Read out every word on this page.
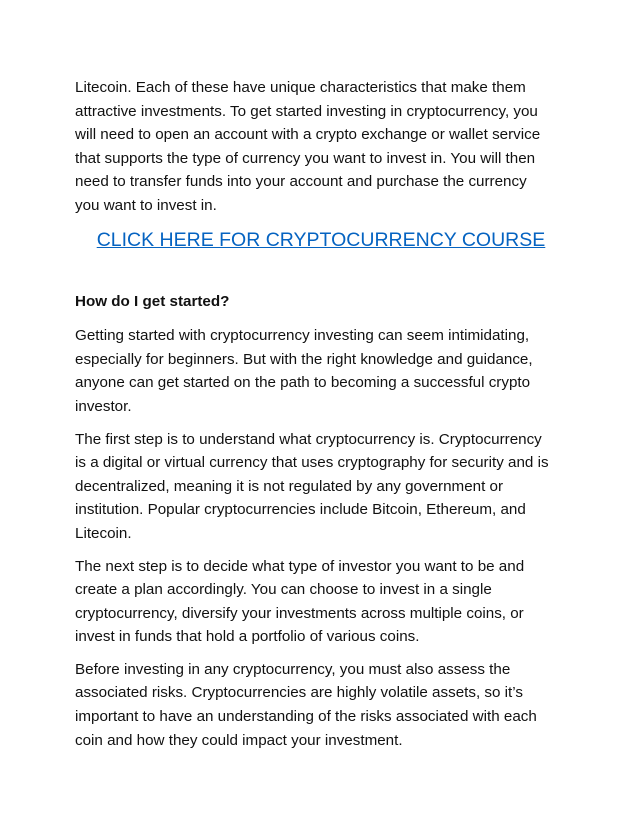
Litecoin. Each of these have unique characteristics that make them
attractive investments. To get started investing in cryptocurrency, you
will need to open an account with a crypto exchange or wallet service
that supports the type of currency you want to invest in. You will then
need to transfer funds into your account and purchase the currency
you want to invest in.

CLICK HERE FOR CRYPTOCURRENCY COURSE
How do I get started?

Getting started with cryptocurrency investing can seem intimidating,
especially for beginners. But with the right knowledge and guidance,
anyone can get started on the path to becoming a successful crypto
investor.

The first step is to understand what cryptocurrency is. Cryptocurrency
is a digital or virtual currency that uses cryptography for security and is
decentralized, meaning it is not regulated by any government or
institution. Popular cryptocurrencies include Bitcoin, Ethereum, and
Litecoin.

The next step is to decide what type of investor you want to be and
create a plan accordingly. You can choose to invest in a single
cryptocurrency, diversify your investments across multiple coins, or
invest in funds that hold a portfolio of various coins.

Before investing in any cryptocurrency, you must also assess the
associated risks. Cryptocurrencies are highly volatile assets, so it’s
important to have an understanding of the risks associated with each
coin and how they could impact your investment.
